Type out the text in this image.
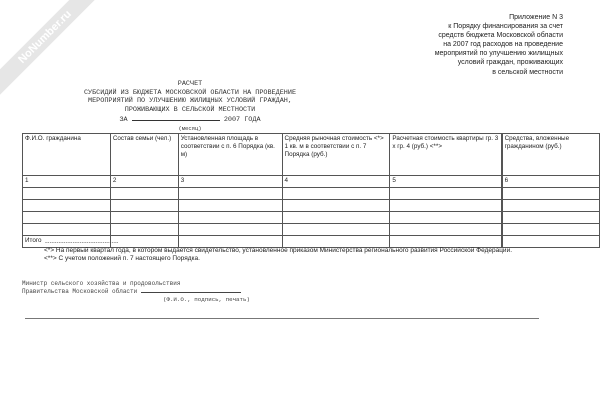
NoNumber.ru	Приложение N 3
к Порядку финансирования за счет
средств бюджета Московской области
на 2007 год расходов на проведение
мероприятий по улучшению жилищных
условий граждан, проживающих
в сельской местности
РАСЧЕТ
СУБСИДИЙ ИЗ БЮДЖЕТА МОСКОВСКОЙ ОБЛАСТИ НА ПРОВЕДЕНИЕ
МЕРОПРИЯТИЙ ПО УЛУЧШЕНИЮ ЖИЛИЩНЫХ УСЛОВИЙ ГРАЖДАН,
ПРОЖИВАЮЩИХ В СЕЛЬСКОЙ МЕСТНОСТИ
ЗА	2007 ГОДА
(месяц)
Ф.И.О. гражданина	Состав семьи (чел.)	Установленная площадь в соответствии с п. 6 Порядка (кв. м)	Средняя рыночная стоимость <*> 1 кв. м в соответствии с п. 7 Порядка (руб.)	Расчетная стоимость квартиры гр. 3 x гр. 4 (руб.) <**>	Средства, вложенные гражданином (руб.)
1	2	3	4	5	6

Итого					--------------------------------

<*> На первый квартал года, в котором выдается свидетельство, установленное приказом Министерства регионального развития Российской Федерации.

<**> С учетом положений п. 7 настоящего Порядка.

Министр сельского хозяйства и продовольствия
Правительства Московской области
(Ф.И.О., подпись, печать)
